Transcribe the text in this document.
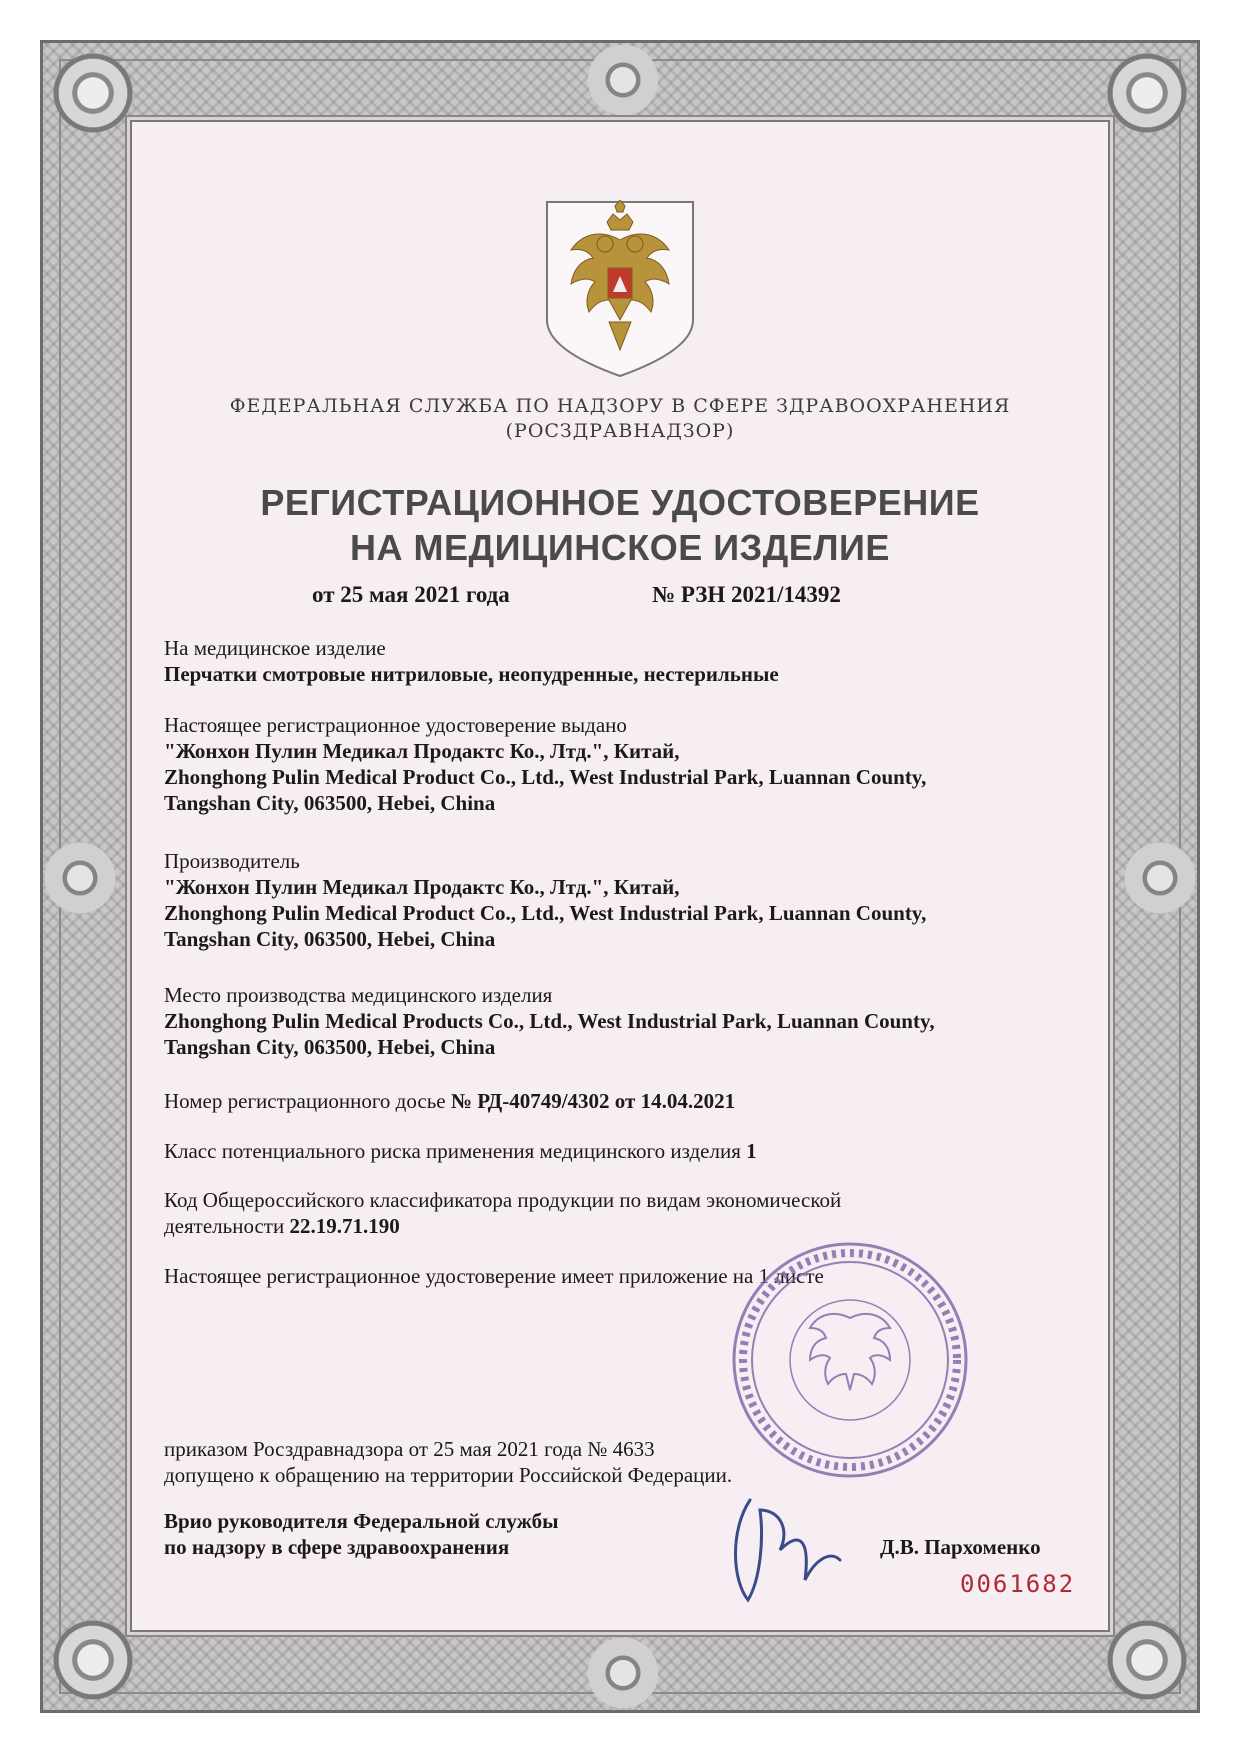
ФЕДЕРАЛЬНАЯ СЛУЖБА ПО НАДЗОРУ В СФЕРЕ ЗДРАВООХРАНЕНИЯ
(РОСЗДРАВНАДЗОР)
РЕГИСТРАЦИОННОЕ УДОСТОВЕРЕНИЕ
НА МЕДИЦИНСКОЕ ИЗДЕЛИЕ
от 25 мая 2021 года	№ РЗН 2021/14392
На медицинское изделие
Перчатки смотровые нитриловые, неопудренные, нестерильные
Настоящее регистрационное удостоверение выдано
"Жонхон Пулин Медикал Продактс Ко., Лтд.", Китай,
Zhonghong Pulin Medical Product Co., Ltd., West Industrial Park, Luannan County,
Tangshan City, 063500, Hebei, China
Производитель
"Жонхон Пулин Медикал Продактс Ко., Лтд.", Китай,
Zhonghong Pulin Medical Product Co., Ltd., West Industrial Park, Luannan County,
Tangshan City, 063500, Hebei, China
Место производства медицинского изделия
Zhonghong Pulin Medical Products Co., Ltd., West Industrial Park, Luannan County,
Tangshan City, 063500, Hebei, China
Номер регистрационного досье № РД-40749/4302 от 14.04.2021
Класс потенциального риска применения медицинского изделия 1
Код Общероссийского классификатора продукции по видам экономической
деятельности 22.19.71.190
Настоящее регистрационное удостоверение имеет приложение на 1 листе
приказом Росздравнадзора от 25 мая 2021 года № 4633
допущено к обращению на территории Российской Федерации.
Врио руководителя Федеральной службы
по надзору в сфере здравоохранения	Д.В. Пархоменко
0061682
